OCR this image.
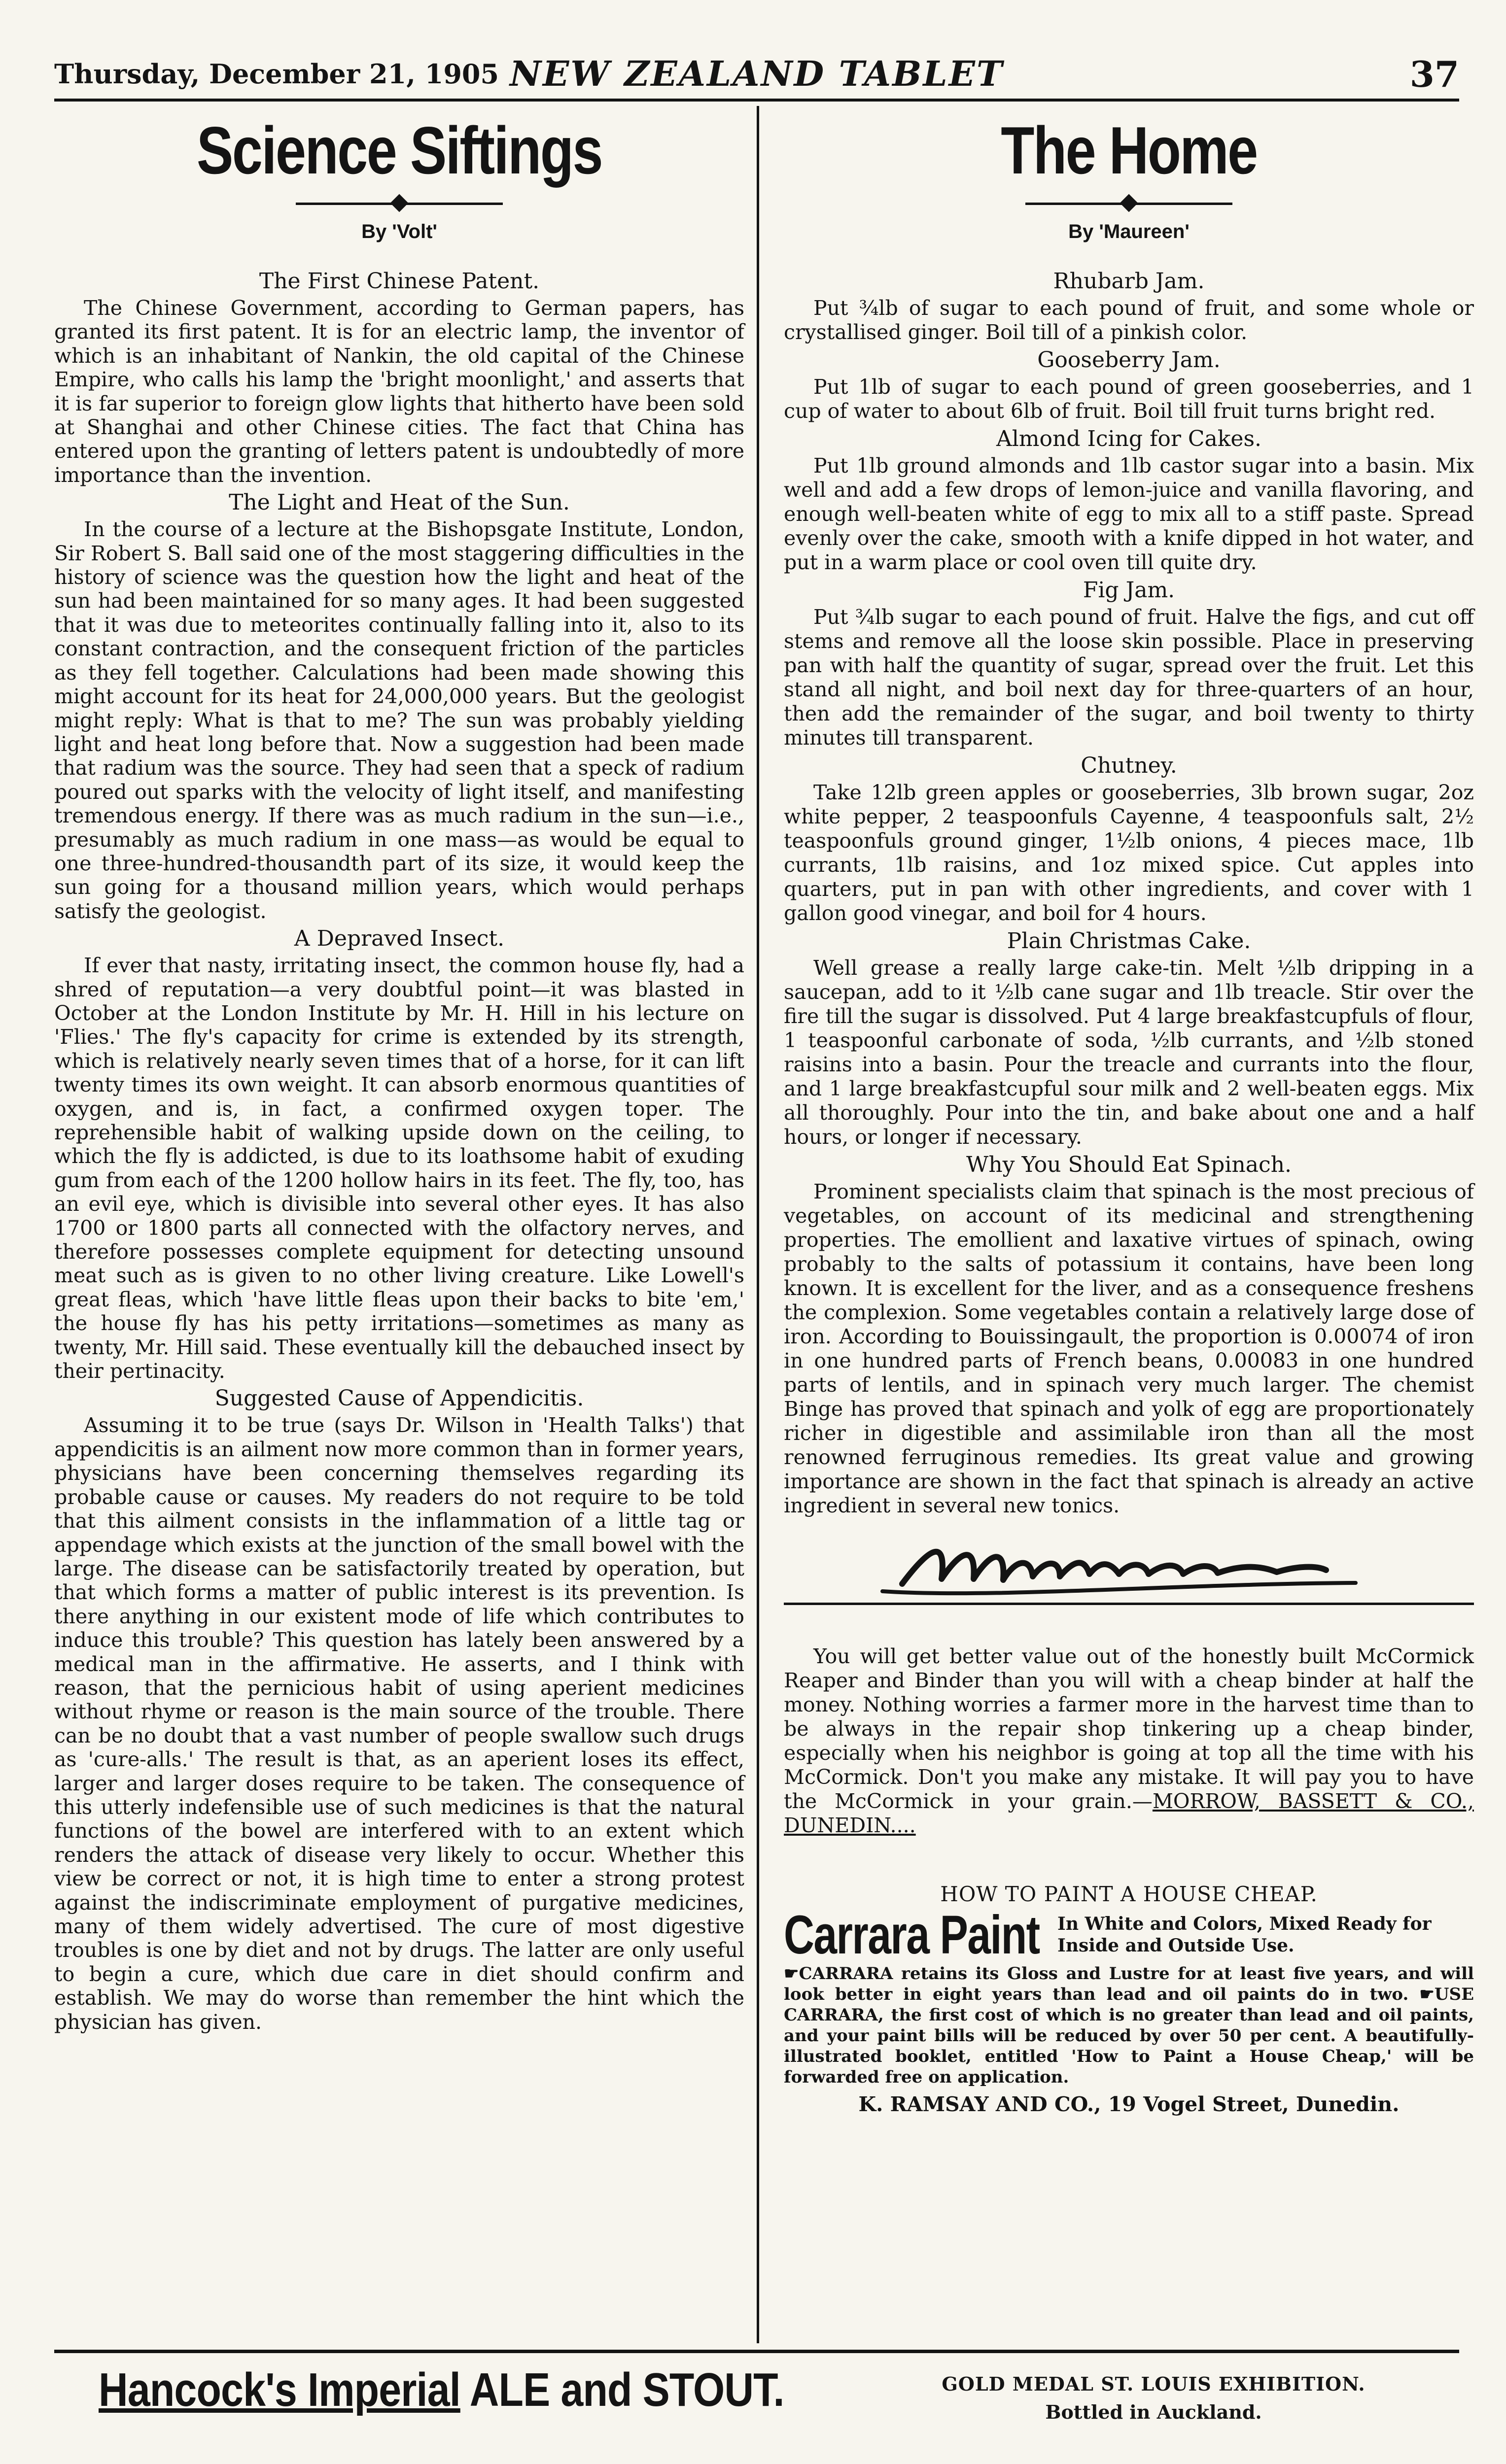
Thursday, December 21, 1905 NEW ZEALAND TABLET	37
Science Siftings
By 'Volt'
The First Chinese Patent.

The Chinese Government, according to German papers, has granted its first patent. It is for an electric lamp, the inventor of which is an inhabitant of Nankin, the old capital of the Chinese Empire, who calls his lamp the 'bright moonlight,' and asserts that it is far superior to foreign glow lights that hitherto have been sold at Shanghai and other Chinese cities. The fact that China has entered upon the granting of letters patent is undoubtedly of more importance than the invention.

The Light and Heat of the Sun.

In the course of a lecture at the Bishopsgate Institute, London, Sir Robert S. Ball said one of the most staggering difficulties in the history of science was the question how the light and heat of the sun had been maintained for so many ages. It had been suggested that it was due to meteorites continually falling into it, also to its constant contraction, and the consequent friction of the particles as they fell together. Calculations had been made showing this might account for its heat for 24,000,000 years. But the geologist might reply: What is that to me? The sun was probably yielding light and heat long before that. Now a suggestion had been made that radium was the source. They had seen that a speck of radium poured out sparks with the velocity of light itself, and manifesting tremendous energy. If there was as much radium in the sun—i.e., presumably as much radium in one mass—as would be equal to one three-hundred-thousandth part of its size, it would keep the sun going for a thousand million years, which would perhaps satisfy the geologist.

A Depraved Insect.

If ever that nasty, irritating insect, the common house fly, had a shred of reputation—a very doubtful point—it was blasted in October at the London Institute by Mr. H. Hill in his lecture on 'Flies.' The fly's capacity for crime is extended by its strength, which is relatively nearly seven times that of a horse, for it can lift twenty times its own weight. It can absorb enormous quantities of oxygen, and is, in fact, a confirmed oxygen toper. The reprehensible habit of walking upside down on the ceiling, to which the fly is addicted, is due to its loathsome habit of exuding gum from each of the 1200 hollow hairs in its feet. The fly, too, has an evil eye, which is divisible into several other eyes. It has also 1700 or 1800 parts all connected with the olfactory nerves, and therefore possesses complete equipment for detecting unsound meat such as is given to no other living creature. Like Lowell's great fleas, which 'have little fleas upon their backs to bite 'em,' the house fly has his petty irritations—sometimes as many as twenty, Mr. Hill said. These eventually kill the debauched insect by their pertinacity.

Suggested Cause of Appendicitis.

Assuming it to be true (says Dr. Wilson in 'Health Talks') that appendicitis is an ailment now more common than in former years, physicians have been concerning themselves regarding its probable cause or causes. My readers do not require to be told that this ailment consists in the inflammation of a little tag or appendage which exists at the junction of the small bowel with the large. The disease can be satisfactorily treated by operation, but that which forms a matter of public interest is its prevention. Is there anything in our existent mode of life which contributes to induce this trouble? This question has lately been answered by a medical man in the affirmative. He asserts, and I think with reason, that the pernicious habit of using aperient medicines without rhyme or reason is the main source of the trouble. There can be no doubt that a vast number of people swallow such drugs as 'cure-alls.' The result is that, as an aperient loses its effect, larger and larger doses require to be taken. The consequence of this utterly indefensible use of such medicines is that the natural functions of the bowel are interfered with to an extent which renders the attack of disease very likely to occur. Whether this view be correct or not, it is high time to enter a strong protest against the indiscriminate employment of purgative medicines, many of them widely advertised. The cure of most digestive troubles is one by diet and not by drugs. The latter are only useful to begin a cure, which due care in diet should confirm and establish. We may do worse than remember the hint which the physician has given.

The Home
By 'Maureen'
Rhubarb Jam.

Put ¾lb of sugar to each pound of fruit, and some whole or crystallised ginger. Boil till of a pinkish color.

Gooseberry Jam.

Put 1lb of sugar to each pound of green gooseberries, and 1 cup of water to about 6lb of fruit. Boil till fruit turns bright red.

Almond Icing for Cakes.

Put 1lb ground almonds and 1lb castor sugar into a basin. Mix well and add a few drops of lemon-juice and vanilla flavoring, and enough well-beaten white of egg to mix all to a stiff paste. Spread evenly over the cake, smooth with a knife dipped in hot water, and put in a warm place or cool oven till quite dry.

Fig Jam.

Put ¾lb sugar to each pound of fruit. Halve the figs, and cut off stems and remove all the loose skin possible. Place in preserving pan with half the quantity of sugar, spread over the fruit. Let this stand all night, and boil next day for three-quarters of an hour, then add the remainder of the sugar, and boil twenty to thirty minutes till transparent.

Chutney.

Take 12lb green apples or gooseberries, 3lb brown sugar, 2oz white pepper, 2 teaspoonfuls Cayenne, 4 teaspoonfuls salt, 2½ teaspoonfuls ground ginger, 1½lb onions, 4 pieces mace, 1lb currants, 1lb raisins, and 1oz mixed spice. Cut apples into quarters, put in pan with other ingredients, and cover with 1 gallon good vinegar, and boil for 4 hours.

Plain Christmas Cake.

Well grease a really large cake-tin. Melt ½lb dripping in a saucepan, add to it ½lb cane sugar and 1lb treacle. Stir over the fire till the sugar is dissolved. Put 4 large breakfastcupfuls of flour, 1 teaspoonful carbonate of soda, ½lb currants, and ½lb stoned raisins into a basin. Pour the treacle and currants into the flour, and 1 large breakfastcupful sour milk and 2 well-beaten eggs. Mix all thoroughly. Pour into the tin, and bake about one and a half hours, or longer if necessary.

Why You Should Eat Spinach.

Prominent specialists claim that spinach is the most precious of vegetables, on account of its medicinal and strengthening properties. The emollient and laxative virtues of spinach, owing probably to the salts of potassium it contains, have been long known. It is excellent for the liver, and as a consequence freshens the complexion. Some vegetables contain a relatively large dose of iron. According to Bouissingault, the proportion is 0.00074 of iron in one hundred parts of French beans, 0.00083 in one hundred parts of lentils, and in spinach very much larger. The chemist Binge has proved that spinach and yolk of egg are proportionately richer in digestible and assimilable iron than all the most renowned ferruginous remedies. Its great value and growing importance are shown in the fact that spinach is already an active ingredient in several new tonics.

You will get better value out of the honestly built McCormick Reaper and Binder than you will with a cheap binder at half the money. Nothing worries a farmer more in the harvest time than to be always in the repair shop tinkering up a cheap binder, especially when his neighbor is going at top all the time with his McCormick. Don't you make any mistake. It will pay you to have the McCormick in your grain.—MORROW, BASSETT & CO., DUNEDIN....

HOW TO PAINT A HOUSE CHEAP.
Carrara Paint In White and Colors, Mixed Ready for Inside and Outside Use.

☛CARRARA retains its Gloss and Lustre for at least five years, and will look better in eight years than lead and oil paints do in two. ☛USE CARRARA, the first cost of which is no greater than lead and oil paints, and your paint bills will be reduced by over 50 per cent. A beautifully-illustrated booklet, entitled 'How to Paint a House Cheap,' will be forwarded free on application.

K. RAMSAY AND CO., 19 Vogel Street, Dunedin.
Hancock's Imperial ALE and STOUT.	GOLD MEDAL ST. LOUIS EXHIBITION.
Bottled in Auckland.
